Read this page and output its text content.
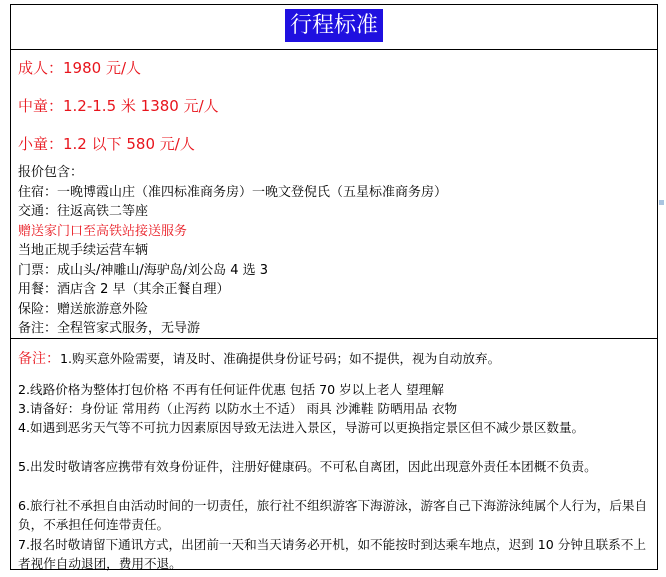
行程标准
成人：1980 元/人
中童：1.2-1.5 米 1380 元/人
小童：1.2 以下 580 元/人
报价包含：
住宿：一晚博霞山庄（准四标准商务房）一晚文登倪氏（五星标准商务房）
交通：往返高铁二等座
赠送家门口至高铁站接送服务
当地正规手续运营车辆
门票：成山头/神雕山/海驴岛/刘公岛 4 选 3
用餐：酒店含 2 早（其余正餐自理）
保险：赠送旅游意外险
备注：全程管家式服务，无导游
备注：1.购买意外险需要，请及时、准确提供身份证号码；如不提供，视为自动放弃。
2.线路价格为整体打包价格 不再有任何证件优惠 包括 70 岁以上老人 望理解
3.请备好：身份证 常用药（止泻药 以防水土不适） 雨具 沙滩鞋 防晒用品 衣物
4.如遇到恶劣天气等不可抗力因素原因导致无法进入景区，导游可以更换指定景区但不减少景区数量。
5.出发时敬请客应携带有效身份证件，注册好健康码。不可私自离团，因此出现意外责任本团概不负责。
6.旅行社不承担自由活动时间的一切责任，旅行社不组织游客下海游泳，游客自己下海游泳纯属个人行为，后果自负，不承担任何连带责任。
7.报名时敬请留下通讯方式，出团前一天和当天请务必开机，如不能按时到达乘车地点，迟到 10 分钟且联系不上者视作自动退团，费用不退。
